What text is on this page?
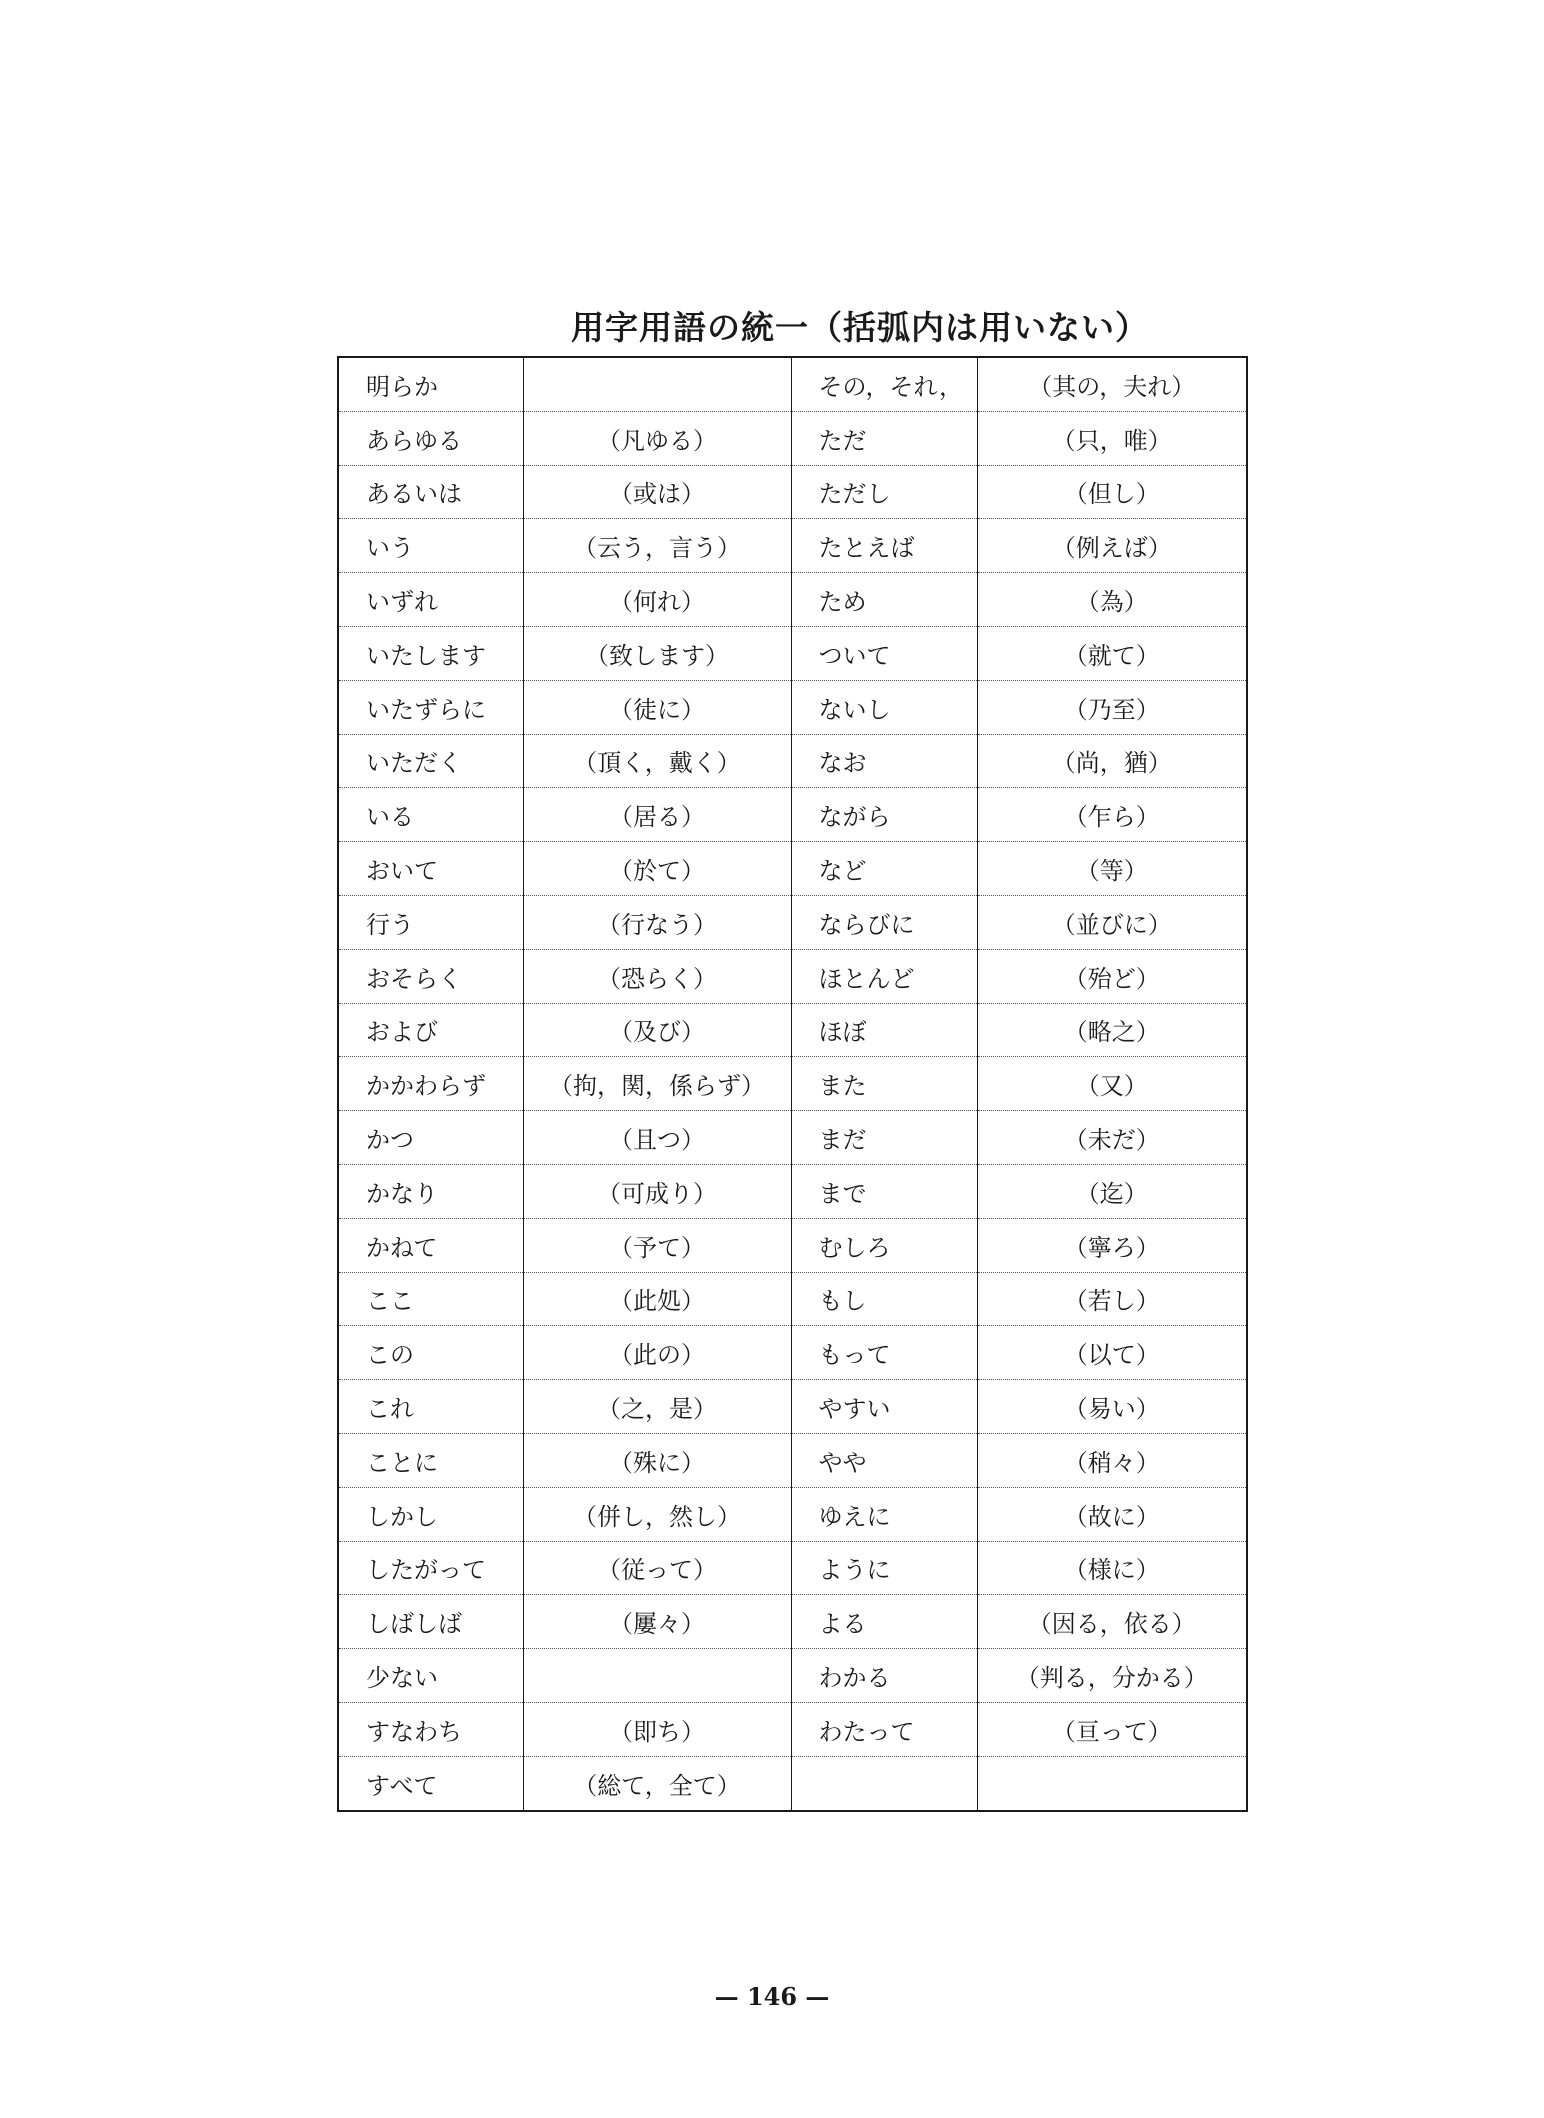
用字用語の統一（括弧内は用いない）
明らか		その，それ，	（其の，夫れ）
あらゆる	（凡ゆる）	ただ	（只，唯）
あるいは	（或は）	ただし	（但し）
いう	（云う，言う）	たとえば	（例えば）
いずれ	（何れ）	ため	（為）
いたします	（致します）	ついて	（就て）
いたずらに	（徒に）	ないし	（乃至）
いただく	（頂く，戴く）	なお	（尚，猶）
いる	（居る）	ながら	（乍ら）
おいて	（於て）	など	（等）
行う	（行なう）	ならびに	（並びに）
おそらく	（恐らく）	ほとんど	（殆ど）
および	（及び）	ほぼ	（略之）
かかわらず	（拘，関，係らず）	また	（又）
かつ	（且つ）	まだ	（未だ）
かなり	（可成り）	まで	（迄）
かねて	（予て）	むしろ	（寧ろ）
ここ	（此処）	もし	（若し）
この	（此の）	もって	（以て）
これ	（之，是）	やすい	（易い）
ことに	（殊に）	やや	（稍々）
しかし	（併し，然し）	ゆえに	（故に）
したがって	（従って）	ように	（様に）
しばしば	（屢々）	よる	（因る，依る）
少ない		わかる	（判る，分かる）
すなわち	（即ち）	わたって	（亘って）
すべて	（総て，全て）		
— 146 —
